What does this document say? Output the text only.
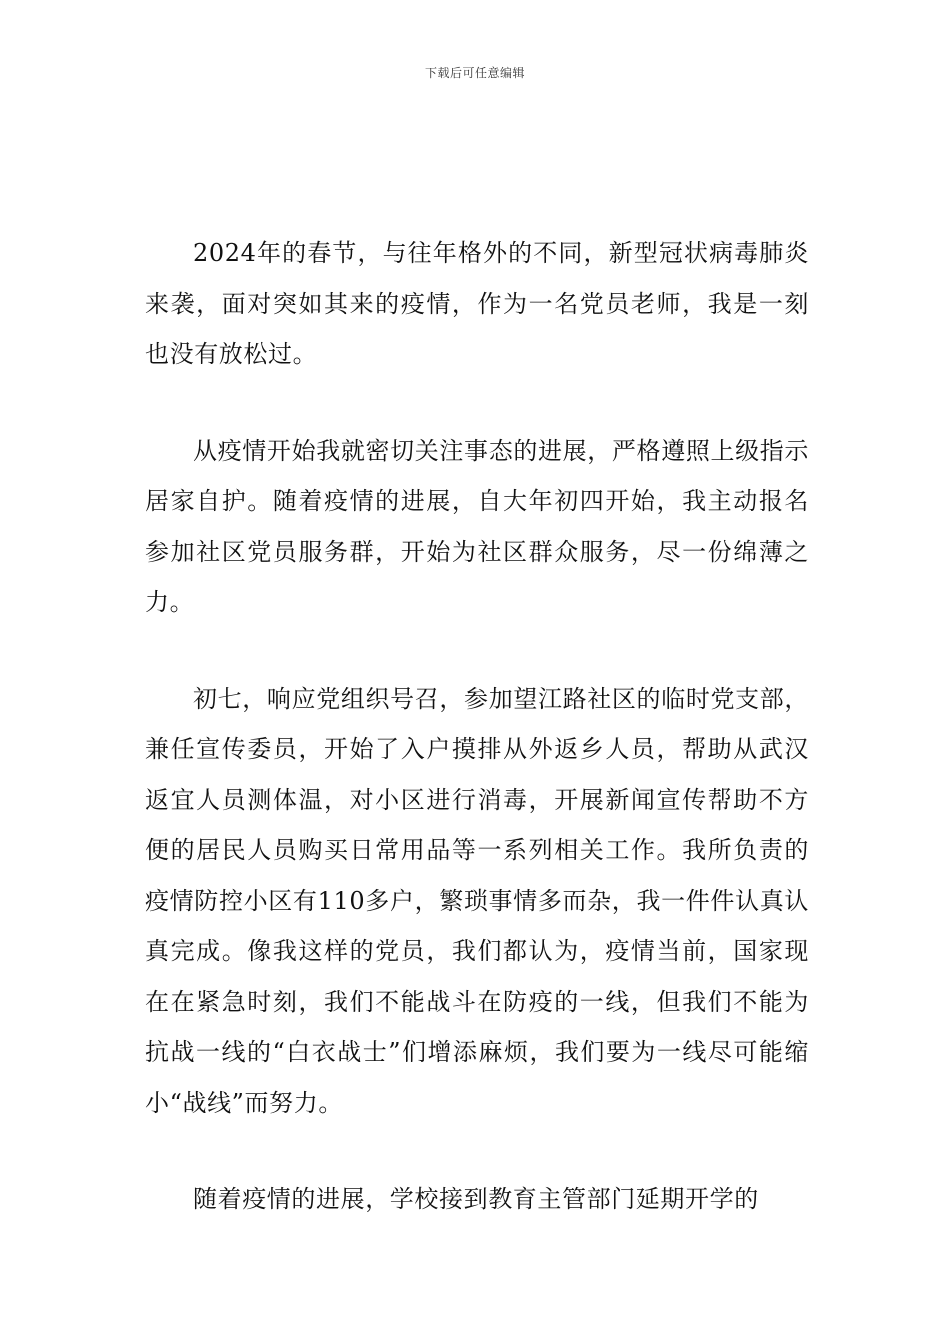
下载后可任意编辑

2024年的春节，与往年格外的不同，新型冠状病毒肺炎来袭，面对突如其来的疫情，作为一名党员老师，我是一刻也没有放松过。

从疫情开始我就密切关注事态的进展，严格遵照上级指示居家自护。随着疫情的进展，自大年初四开始，我主动报名参加社区党员服务群，开始为社区群众服务，尽一份绵薄之力。

初七，响应党组织号召，参加望江路社区的临时党支部，兼任宣传委员，开始了入户摸排从外返乡人员，帮助从武汉返宜人员测体温，对小区进行消毒，开展新闻宣传帮助不方便的居民人员购买日常用品等一系列相关工作。我所负责的疫情防控小区有110多户，繁琐事情多而杂，我一件件认真认真完成。像我这样的党员，我们都认为，疫情当前，国家现在在紧急时刻，我们不能战斗在防疫的一线，但我们不能为抗战一线的“白衣战士”们增添麻烦，我们要为一线尽可能缩小“战线”而努力。

随着疫情的进展，学校接到教育主管部门延期开学的
